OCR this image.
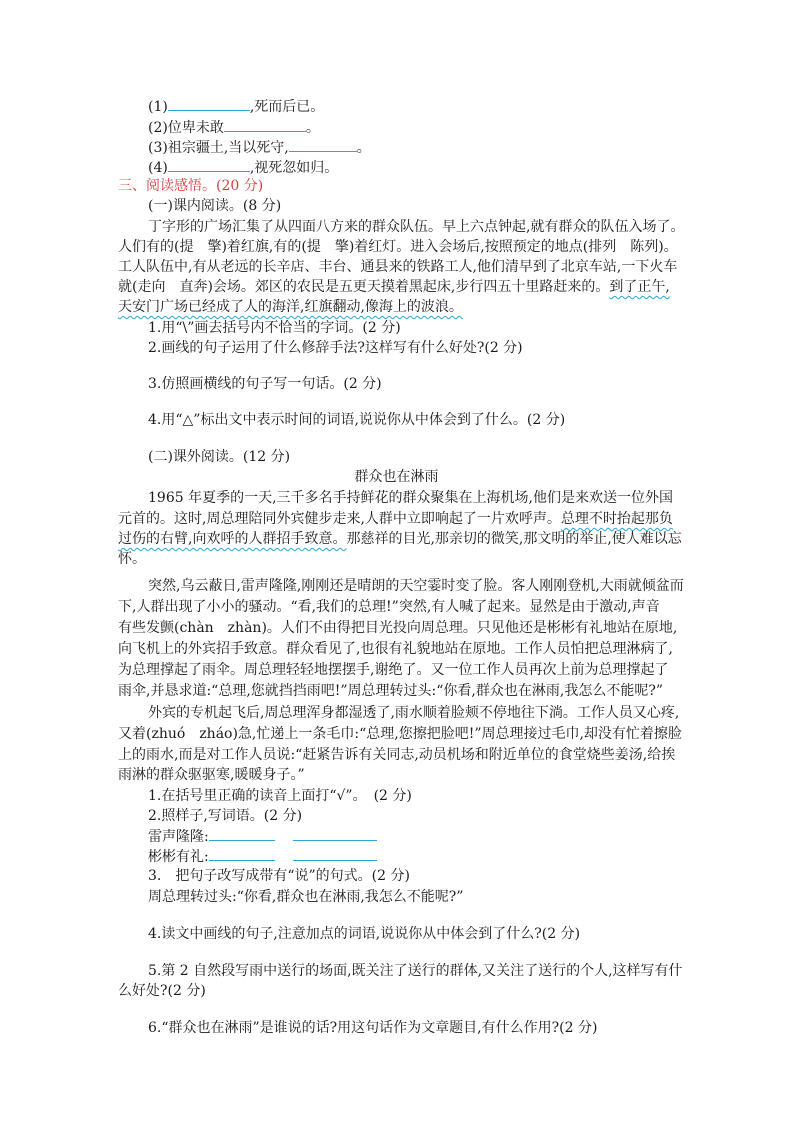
(1)	,死而后已。
(2)位卑未敢	。
(3)祖宗疆土,当以死守,	。
(4)	,视死忽如归。
三、阅读感悟。(20 分)
(一)课内阅读。(8 分)
丁字形的广场汇集了从四面八方来的群众队伍。早上六点钟起,就有群众的队伍入场了。
人们有的(提　擎)着红旗,有的(提　擎)着红灯。进入会场后,按照预定的地点(排列　陈列)。
工人队伍中,有从老远的长辛店、丰台、通县来的铁路工人,他们清早到了北京车站,一下火车
就(走向　直奔)会场。郊区的农民是五更天摸着黑起床,步行四五十里路赶来的。到了正午,
天安门广场已经成了人的海洋,红旗翻动,像海上的波浪。
1.用“\”画去括号内不恰当的字词。(2 分)
2.画线的句子运用了什么修辞手法?这样写有什么好处?(2 分)
3.仿照画横线的句子写一句话。(2 分)
4.用“△”标出文中表示时间的词语,说说你从中体会到了什么。(2 分)
(二)课外阅读。(12 分)
群众也在淋雨
1965 年夏季的一天,三千多名手持鲜花的群众聚集在上海机场,他们是来欢送一位外国
元首的。这时,周总理陪同外宾健步走来,人群中立即响起了一片欢呼声。总理不时抬起那负
过伤的右臂,向欢呼的人群招手致意。那慈祥的目光,那亲切的微笑,那文明的举止,使人难以忘
怀。
突然,乌云蔽日,雷声隆隆,刚刚还是晴朗的天空霎时变了脸。客人刚刚登机,大雨就倾盆而
下,人群出现了小小的骚动。“看,我们的总理!”突然,有人喊了起来。显然是由于激动,声音
有些发颤(chàn　zhàn)。人们不由得把目光投向周总理。只见他还是彬彬有礼地站在原地,
向飞机上的外宾招手致意。群众看见了,也很有礼貌地站在原地。工作人员怕把总理淋病了,
为总理撑起了雨伞。周总理轻轻地摆摆手,谢绝了。又一位工作人员再次上前为总理撑起了
雨伞,并恳求道:“总理,您就挡挡雨吧!”周总理转过头:“你看,群众也在淋雨,我怎么不能呢?”
外宾的专机起飞后,周总理浑身都湿透了,雨水顺着脸颊不停地往下淌。工作人员又心疼,
又着(zhuó　zháo)急,忙递上一条毛巾:“总理,您擦把脸吧!”周总理接过毛巾,却没有忙着擦脸
上的雨水,而是对工作人员说:“赶紧告诉有关同志,动员机场和附近单位的食堂烧些姜汤,给挨
雨淋的群众驱驱寒,暖暖身子。”
1.在括号里正确的读音上面打“√”。　(2 分)
2.照样子,写词语。(2 分)
雷声隆隆:
彬彬有礼:
3.　把句子改写成带有“说”的句式。(2 分)
周总理转过头:“你看,群众也在淋雨,我怎么不能呢?”
4.读文中画线的句子,注意加点的词语,说说你从中体会到了什么?(2 分)
5.第 2 自然段写雨中送行的场面,既关注了送行的群体,又关注了送行的个人,这样写有什
么好处?(2 分)
6.“群众也在淋雨”是谁说的话?用这句话作为文章题目,有什么作用?(2 分)
